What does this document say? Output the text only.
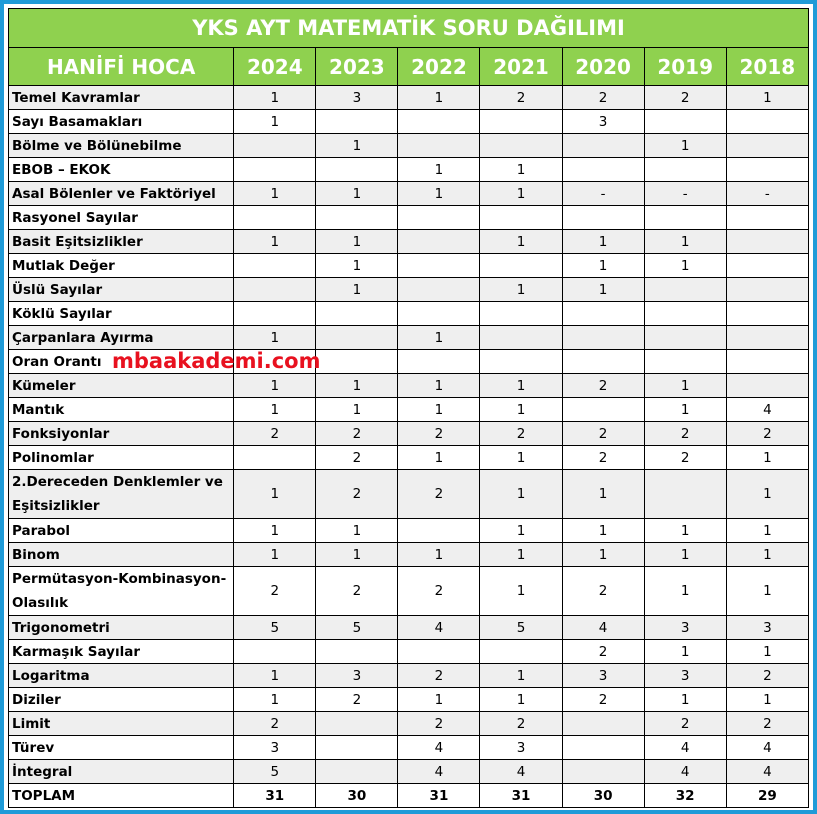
YKS AYT MATEMATİK SORU DAĞILIMI							
HANİFİ HOCA	2024	2023	2022	2021	2020	2019	2018
Temel Kavramlar	1	3	1	2	2	2	1
Sayı Basamakları	1				3		
Bölme ve Bölünebilme		1				1	
EBOB – EKOK			1	1			
Asal Bölenler ve Faktöriyel	1	1	1	1	-	-	-
Rasyonel Sayılar							
Basit Eşitsizlikler	1	1		1	1	1	
Mutlak Değer		1			1	1	
Üslü Sayılar		1		1	1		
Köklü Sayılar							
Çarpanlara Ayırma	1		1				
Oran Orantı							
Kümeler	1	1	1	1	2	1	
Mantık	1	1	1	1		1	4
Fonksiyonlar	2	2	2	2	2	2	2
Polinomlar		2	1	1	2	2	1
2.Dereceden Denklemler ve Eşitsizlikler	1	2	2	1	1		1
Parabol	1	1		1	1	1	1
Binom	1	1	1	1	1	1	1
Permütasyon-Kombinasyon-Olasılık	2	2	2	1	2	1	1
Trigonometri	5	5	4	5	4	3	3
Karmaşık Sayılar					2	1	1
Logaritma	1	3	2	1	3	3	2
Diziler	1	2	1	1	2	1	1
Limit	2		2	2		2	2
Türev	3		4	3		4	4
İntegral	5		4	4		4	4
TOPLAM	31	30	31	31	30	32	29
mbaakademi.com
